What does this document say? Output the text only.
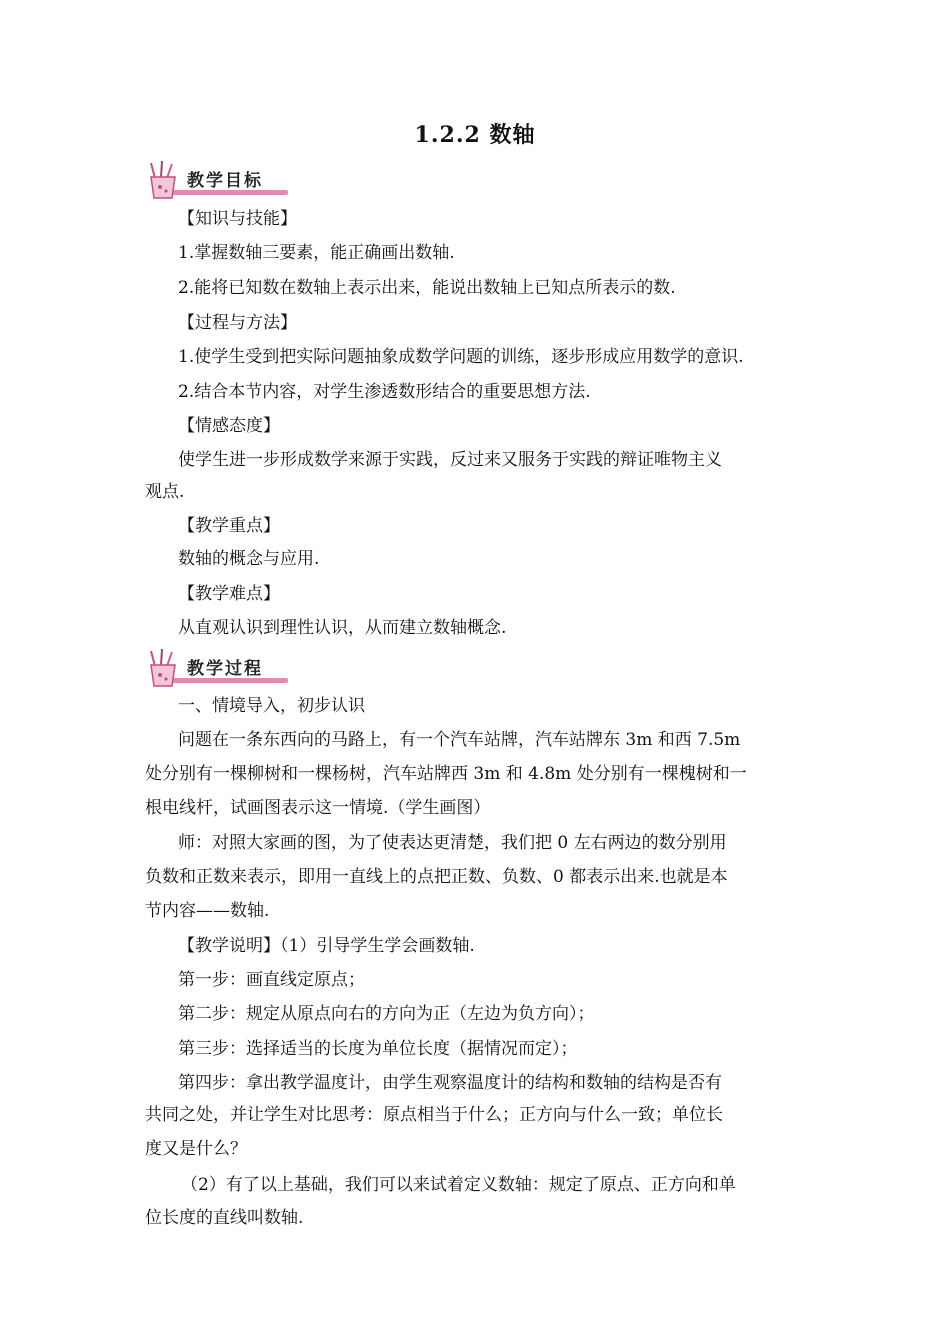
1.2.2 数轴
教学目标
【知识与技能】
1.掌握数轴三要素，能正确画出数轴.
2.能将已知数在数轴上表示出来，能说出数轴上已知点所表示的数.
【过程与方法】
1.使学生受到把实际问题抽象成数学问题的训练，逐步形成应用数学的意识.
2.结合本节内容，对学生渗透数形结合的重要思想方法.
【情感态度】
使学生进一步形成数学来源于实践，反过来又服务于实践的辩证唯物主义
观点.
【教学重点】
数轴的概念与应用.
【教学难点】
从直观认识到理性认识，从而建立数轴概念.
教学过程
一、情境导入，初步认识
问题在一条东西向的马路上，有一个汽车站牌，汽车站牌东 3m 和西 7.5m
处分别有一棵柳树和一棵杨树，汽车站牌西 3m 和 4.8m 处分别有一棵槐树和一
根电线杆，试画图表示这一情境.（学生画图）
师：对照大家画的图，为了使表达更清楚，我们把 0 左右两边的数分别用
负数和正数来表示，即用一直线上的点把正数、负数、0 都表示出来.也就是本
节内容——数轴.
【教学说明】（1）引导学生学会画数轴.
第一步：画直线定原点；
第二步：规定从原点向右的方向为正（左边为负方向）；
第三步：选择适当的长度为单位长度（据情况而定）；
第四步：拿出教学温度计，由学生观察温度计的结构和数轴的结构是否有
共同之处，并让学生对比思考：原点相当于什么；正方向与什么一致；单位长
度又是什么？
（2）有了以上基础，我们可以来试着定义数轴：规定了原点、正方向和单
位长度的直线叫数轴.
